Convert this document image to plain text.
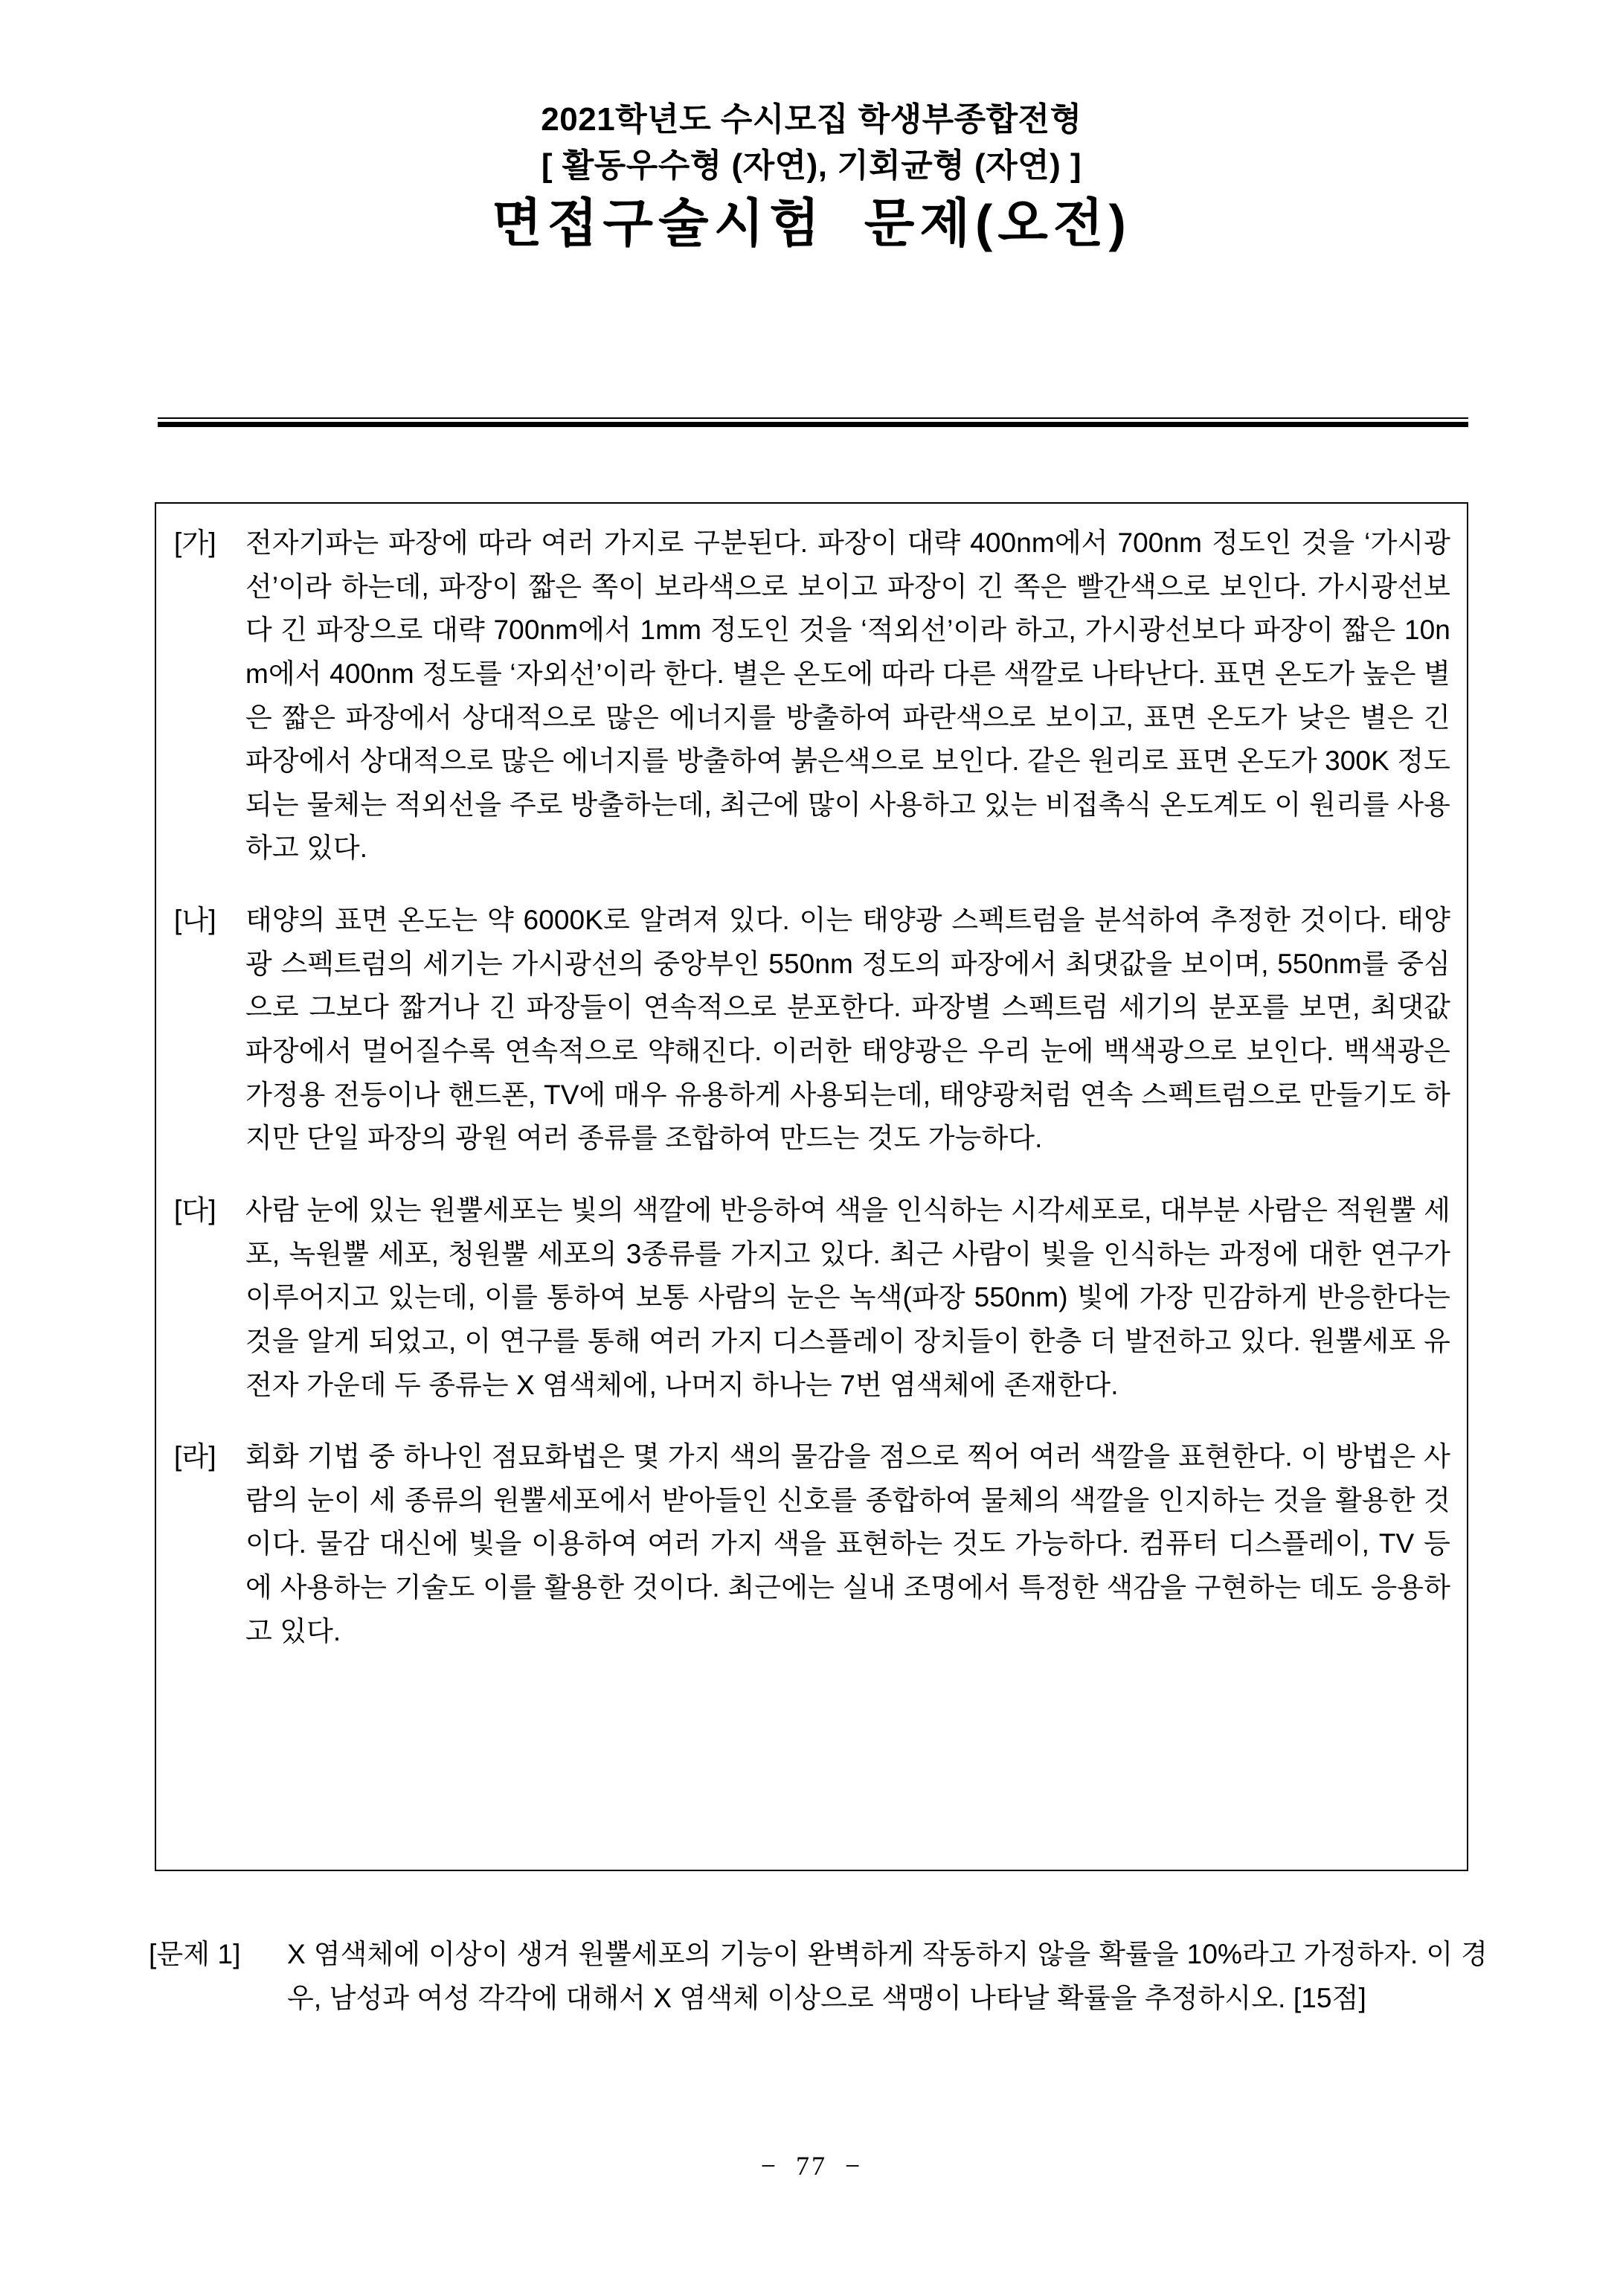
2021학년도 수시모집 학생부종합전형
[ 활동우수형 (자연), 기회균형 (자연) ]
면접구술시험  문제(오전)
[가] 전자기파는 파장에 따라 여러 가지로 구분된다. 파장이 대략 400nm에서 700nm 정도인 것을 ‘가시광선’이라 하는데, 파장이 짧은 쪽이 보라색으로 보이고 파장이 긴 쪽은 빨간색으로 보인다. 가시광선보다 긴 파장으로 대략 700nm에서 1mm 정도인 것을 ‘적외선’이라 하고, 가시광선보다 파장이 짧은 10nm에서 400nm 정도를 ‘자외선’이라 한다. 별은 온도에 따라 다른 색깔로 나타난다. 표면 온도가 높은 별은 짧은 파장에서 상대적으로 많은 에너지를 방출하여 파란색으로 보이고, 표면 온도가 낮은 별은 긴 파장에서 상대적으로 많은 에너지를 방출하여 붉은색으로 보인다. 같은 원리로 표면 온도가 300K 정도 되는 물체는 적외선을 주로 방출하는데, 최근에 많이 사용하고 있는 비접촉식 온도계도 이 원리를 사용하고 있다.
[나] 태양의 표면 온도는 약 6000K로 알려져 있다. 이는 태양광 스펙트럼을 분석하여 추정한 것이다. 태양광 스펙트럼의 세기는 가시광선의 중앙부인 550nm 정도의 파장에서 최댓값을 보이며, 550nm를 중심으로 그보다 짧거나 긴 파장들이 연속적으로 분포한다. 파장별 스펙트럼 세기의 분포를 보면, 최댓값 파장에서 멀어질수록 연속적으로 약해진다. 이러한 태양광은 우리 눈에 백색광으로 보인다. 백색광은 가정용 전등이나 핸드폰, TV에 매우 유용하게 사용되는데, 태양광처럼 연속 스펙트럼으로 만들기도 하지만 단일 파장의 광원 여러 종류를 조합하여 만드는 것도 가능하다.
[다] 사람 눈에 있는 원뿔세포는 빛의 색깔에 반응하여 색을 인식하는 시각세포로, 대부분 사람은 적원뿔 세포, 녹원뿔 세포, 청원뿔 세포의 3종류를 가지고 있다. 최근 사람이 빛을 인식하는 과정에 대한 연구가 이루어지고 있는데, 이를 통하여 보통 사람의 눈은 녹색(파장 550nm) 빛에 가장 민감하게 반응한다는 것을 알게 되었고, 이 연구를 통해 여러 가지 디스플레이 장치들이 한층 더 발전하고 있다. 원뿔세포 유전자 가운데 두 종류는 X 염색체에, 나머지 하나는 7번 염색체에 존재한다.
[라] 회화 기법 중 하나인 점묘화법은 몇 가지 색의 물감을 점으로 찍어 여러 색깔을 표현한다. 이 방법은 사람의 눈이 세 종류의 원뿔세포에서 받아들인 신호를 종합하여 물체의 색깔을 인지하는 것을 활용한 것이다. 물감 대신에 빛을 이용하여 여러 가지 색을 표현하는 것도 가능하다. 컴퓨터 디스플레이, TV 등에 사용하는 기술도 이를 활용한 것이다. 최근에는 실내 조명에서 특정한 색감을 구현하는 데도 응용하고 있다.
[문제 1] X 염색체에 이상이 생겨 원뿔세포의 기능이 완벽하게 작동하지 않을 확률을 10%라고 가정하자. 이 경우, 남성과 여성 각각에 대해서 X 염색체 이상으로 색맹이 나타날 확률을 추정하시오. [15점]
−  77  −
